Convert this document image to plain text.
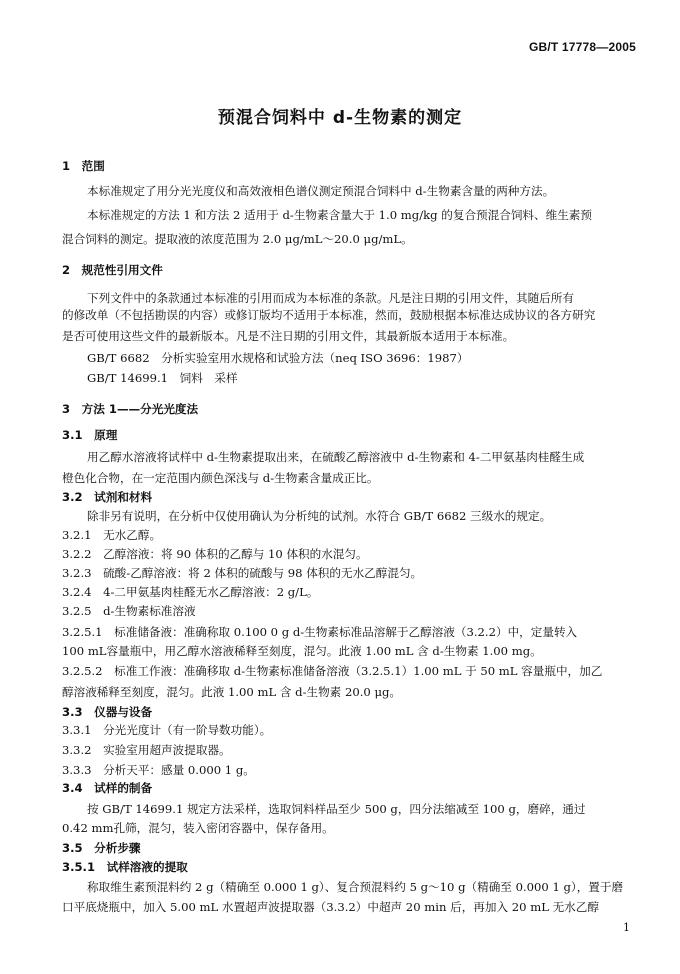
GB/T 17778—2005
预混合饲料中 d-生物素的测定
1　范围
本标准规定了用分光光度仪和高效液相色谱仪测定预混合饲料中 d-生物素含量的两种方法。
本标准规定的方法 1 和方法 2 适用于 d-生物素含量大于 1.0 mg/kg 的复合预混合饲料、维生素预
混合饲料的测定。提取液的浓度范围为 2.0 μg/mL～20.0 μg/mL。
2　规范性引用文件
下列文件中的条款通过本标准的引用而成为本标准的条款。凡是注日期的引用文件，其随后所有
的修改单（不包括勘误的内容）或修订版均不适用于本标准，然而，鼓励根据本标准达成协议的各方研究
是否可使用这些文件的最新版本。凡是不注日期的引用文件，其最新版本适用于本标准。
GB/T 6682　分析实验室用水规格和试验方法（neq ISO 3696：1987）
GB/T 14699.1　饲料　采样
3　方法 1——分光光度法
3.1　原理
用乙醇水溶液将试样中 d-生物素提取出来，在硫酸乙醇溶液中 d-生物素和 4-二甲氨基肉桂醛生成
橙色化合物，在一定范围内颜色深浅与 d-生物素含量成正比。
3.2　试剂和材料
除非另有说明，在分析中仅使用确认为分析纯的试剂。水符合 GB/T 6682 三级水的规定。
3.2.1　无水乙醇。
3.2.2　乙醇溶液：将 90 体积的乙醇与 10 体积的水混匀。
3.2.3　硫酸-乙醇溶液：将 2 体积的硫酸与 98 体积的无水乙醇混匀。
3.2.4　4-二甲氨基肉桂醛无水乙醇溶液：2 g/L。
3.2.5　d-生物素标准溶液
3.2.5.1　标准储备液：准确称取 0.100 0 g d-生物素标准品溶解于乙醇溶液（3.2.2）中，定量转入
100 mL容量瓶中，用乙醇水溶液稀释至刻度，混匀。此液 1.00 mL 含 d-生物素 1.00 mg。
3.2.5.2　标准工作液：准确移取 d-生物素标准储备溶液（3.2.5.1）1.00 mL 于 50 mL 容量瓶中，加乙
醇溶液稀释至刻度，混匀。此液 1.00 mL 含 d-生物素 20.0 μg。
3.3　仪器与设备
3.3.1　分光光度计（有一阶导数功能）。
3.3.2　实验室用超声波提取器。
3.3.3　分析天平：感量 0.000 1 g。
3.4　试样的制备
按 GB/T 14699.1 规定方法采样，选取饲料样品至少 500 g，四分法缩减至 100 g，磨碎，通过
0.42 mm孔筛，混匀，装入密闭容器中，保存备用。
3.5　分析步骤
3.5.1　试样溶液的提取
称取维生素预混料约 2 g（精确至 0.000 1 g）、复合预混料约 5 g～10 g（精确至 0.000 1 g），置于磨
口平底烧瓶中，加入 5.00 mL 水置超声波提取器（3.3.2）中超声 20 min 后，再加入 20 mL 无水乙醇
1
